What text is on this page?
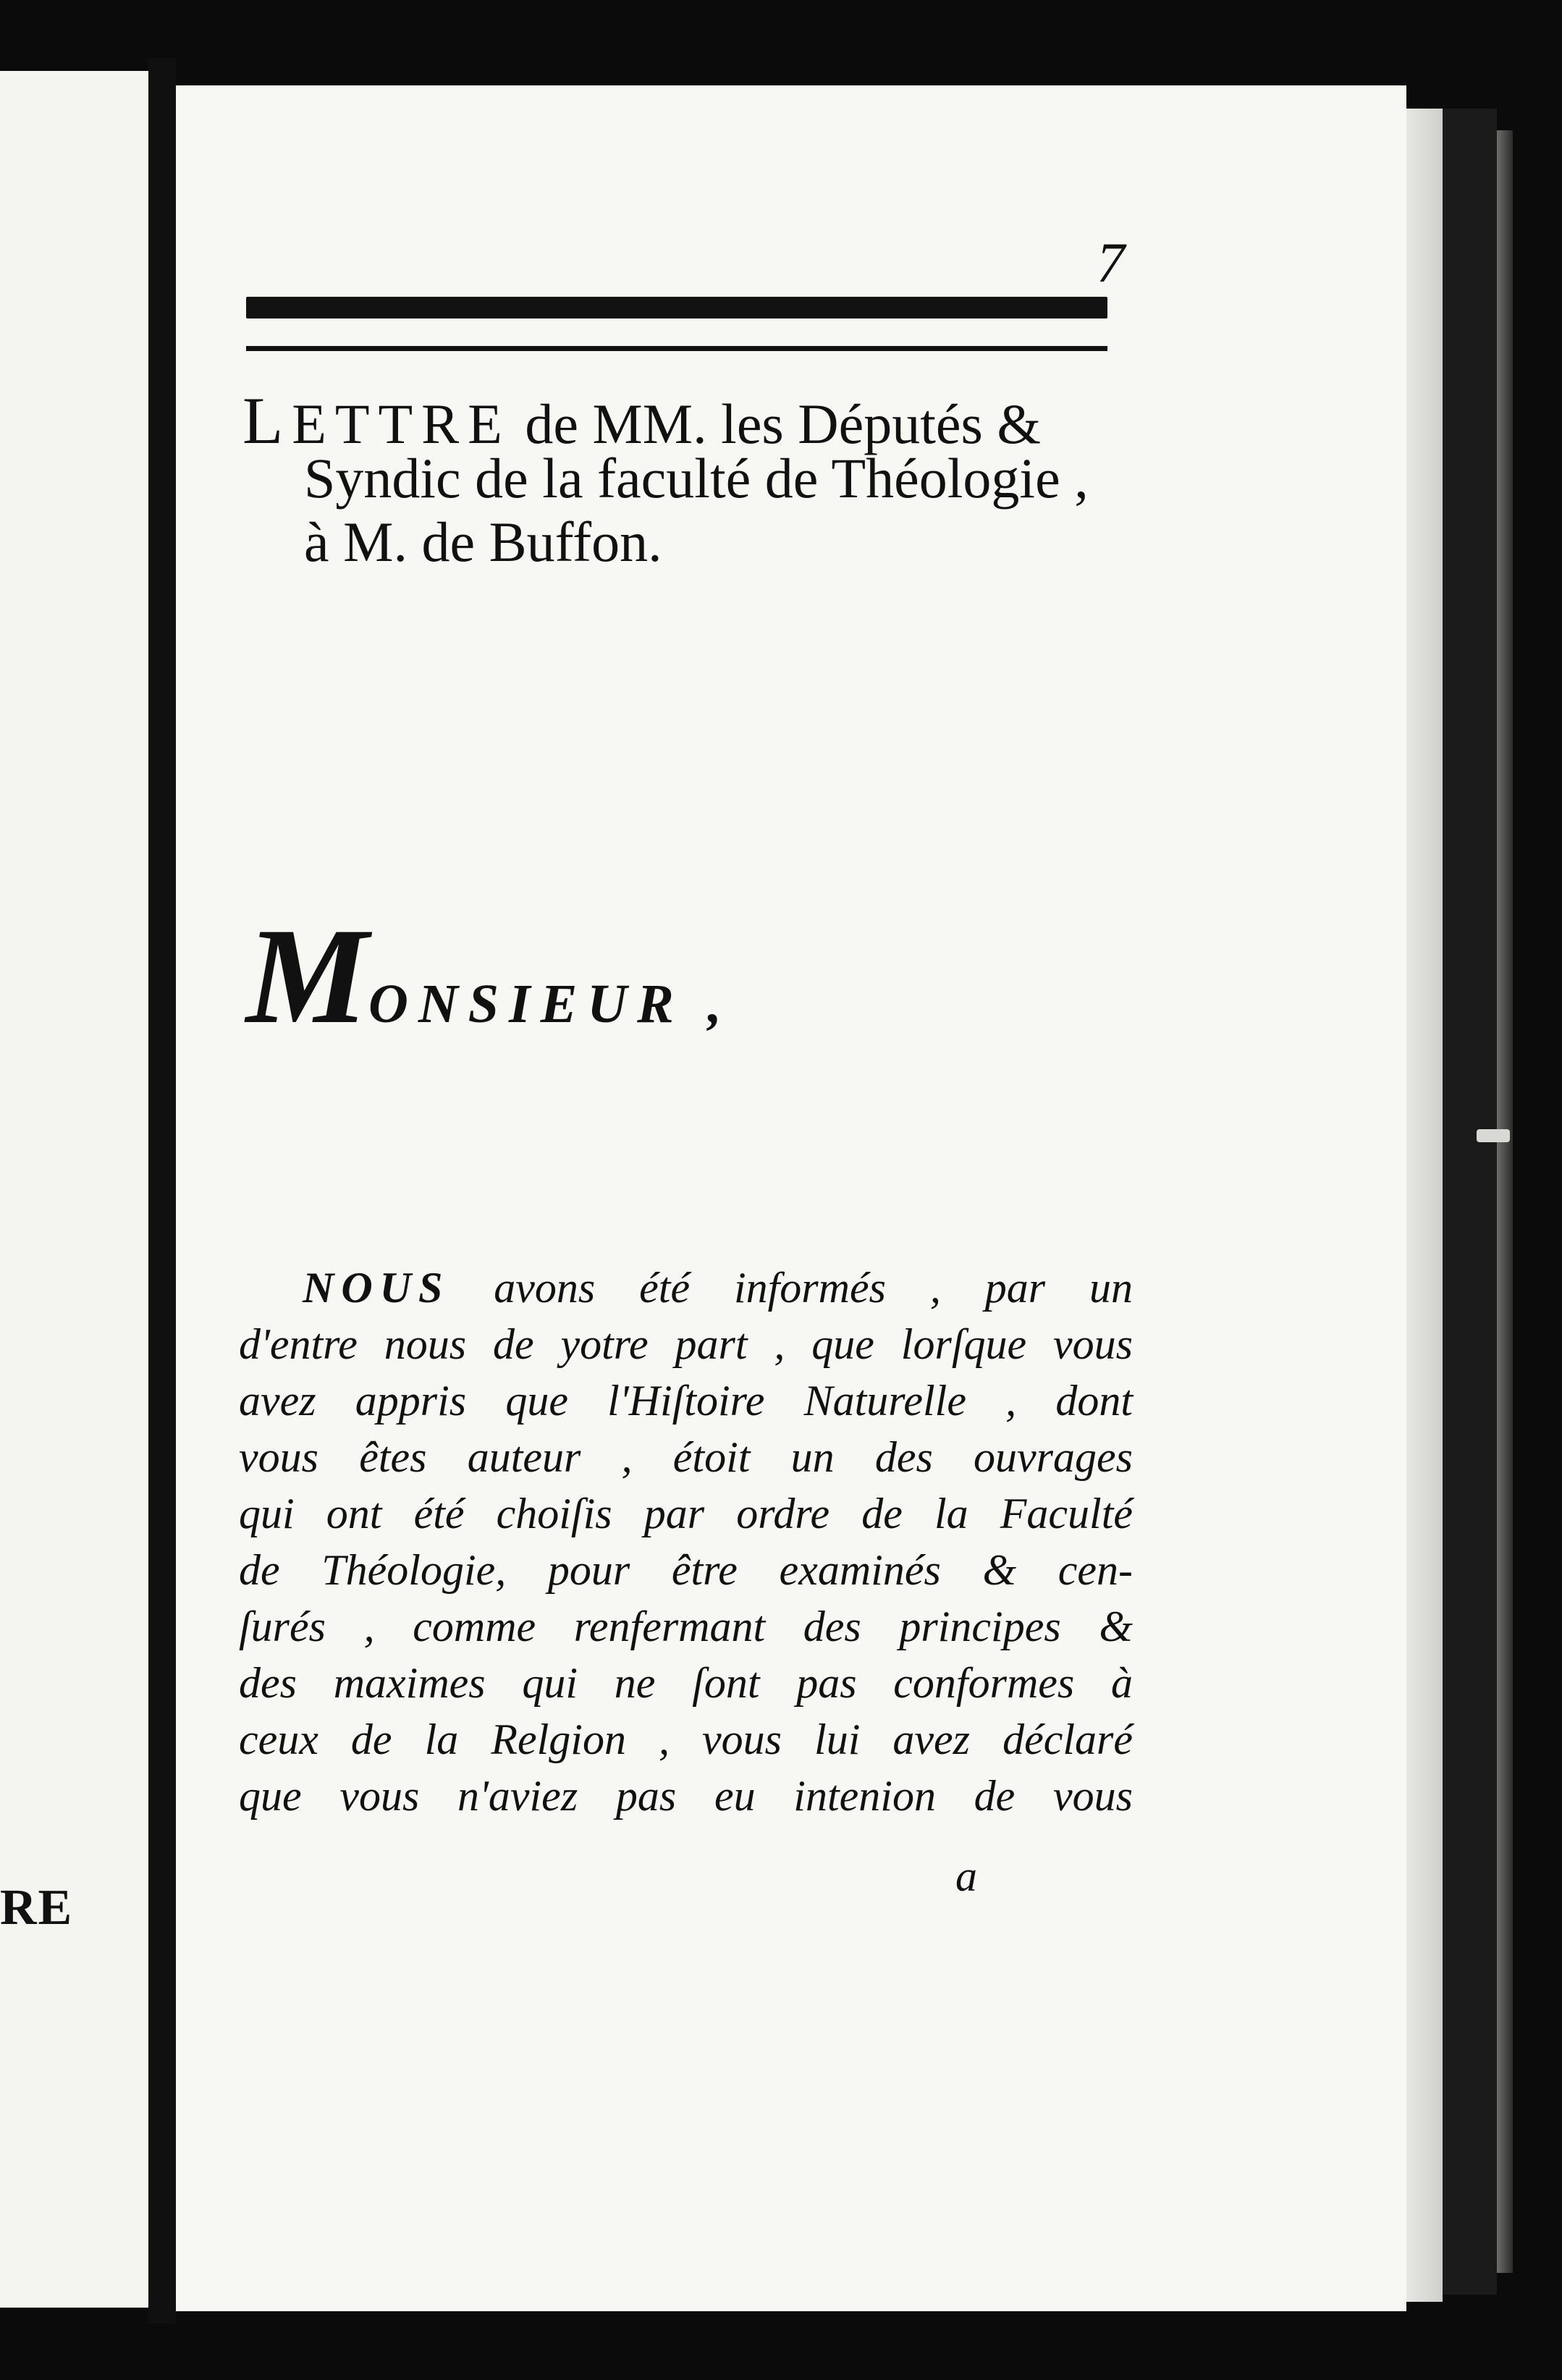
RE
7
LETTRE de MM. les Députés &
Syndic de la faculté de Théologie ,
à M. de Buffon.
MONSIEUR ,
NOUS avons été informés , par un
d'entre nous de yotre part , que lorſque vous
avez appris que l'Hiſtoire Naturelle , dont
vous êtes auteur , étoit un des ouvrages
qui ont été choiſis par ordre de la Faculté
de Théologie, pour être examinés & cen-
ſurés , comme renfermant des principes &
des maximes qui ne ſont pas conformes à
ceux de la Relgion , vous lui avez déclaré
que vous n'aviez pas eu intenion de vous
a
